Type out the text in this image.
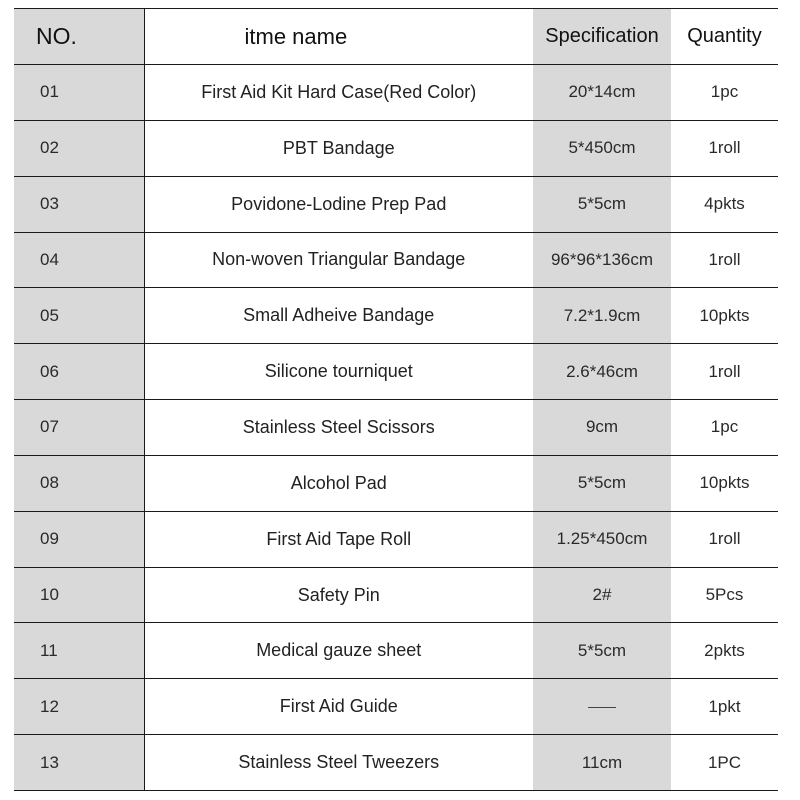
NO.	itme name	Specification	Quantity
01	First Aid Kit Hard Case(Red Color)	20*14cm	1pc
02	PBT Bandage	5*450cm	1roll
03	Povidone-Lodine Prep Pad	5*5cm	4pkts
04	Non-woven Triangular Bandage	96*96*136cm	1roll
05	Small Adheive Bandage	7.2*1.9cm	10pkts
06	Silicone tourniquet	2.6*46cm	1roll
07	Stainless Steel Scissors	9cm	1pc
08	Alcohol Pad	5*5cm	10pkts
09	First Aid Tape Roll	1.25*450cm	1roll
10	Safety Pin	2#	5Pcs
11	Medical gauze sheet	5*5cm	2pkts
12	First Aid Guide		1pkt
13	Stainless Steel Tweezers	11cm	1PC
